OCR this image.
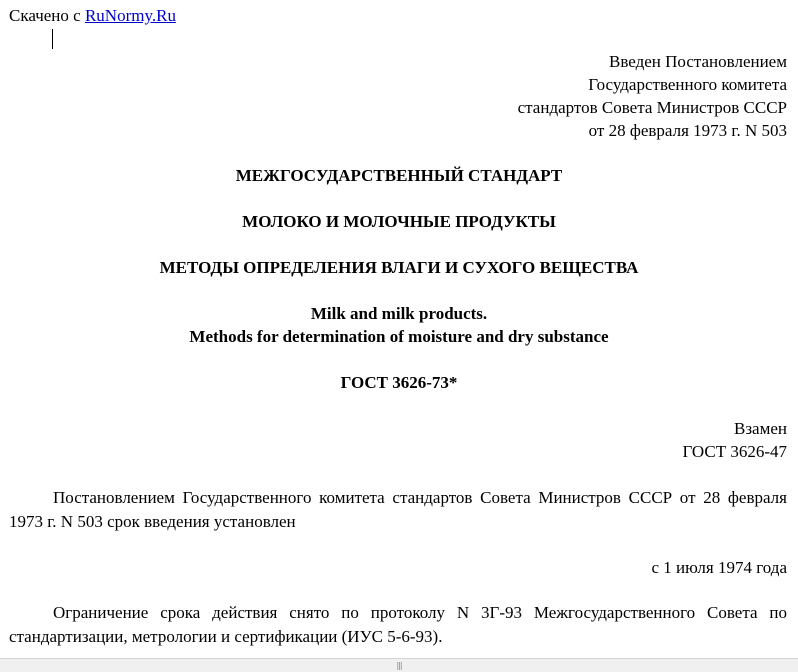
Скачено с RuNormy.Ru
Введен Постановлением
Государственного комитета
стандартов Совета Министров СССР
от 28 февраля 1973 г. N 503
МЕЖГОСУДАРСТВЕННЫЙ СТАНДАРТ
МОЛОКО И МОЛОЧНЫЕ ПРОДУКТЫ
МЕТОДЫ ОПРЕДЕЛЕНИЯ ВЛАГИ И СУХОГО ВЕЩЕСТВА
Milk and milk products.
Methods for determination of moisture and dry substance
ГОСТ 3626-73*
Взамен
ГОСТ 3626-47
Постановлением Государственного комитета стандартов Совета Министров СССР от 28 февраля 1973 г. N 503 срок введения установлен
с 1 июля 1974 года
Ограничение срока действия снято по протоколу N 3Г-93 Межгосударственного Совета по стандартизации, метрологии и сертификации (ИУС 5-6-93).
|||
